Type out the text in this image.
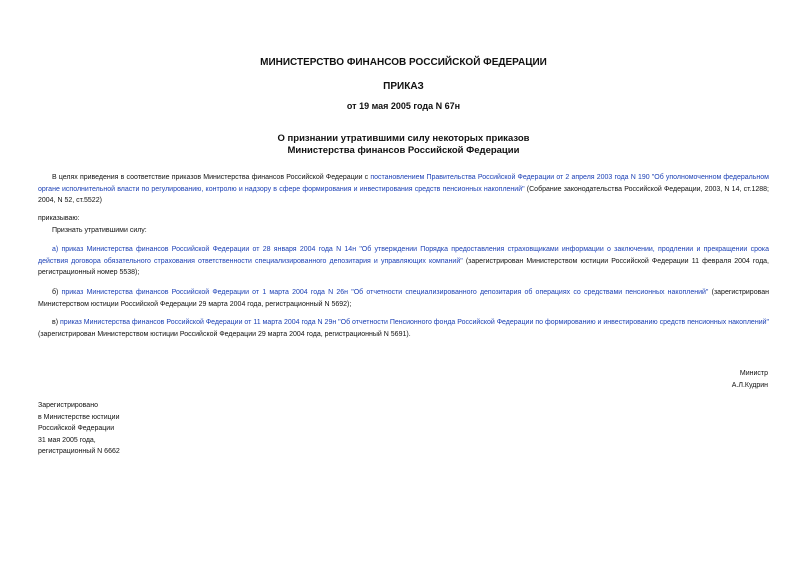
МИНИСТЕРСТВО ФИНАНСОВ РОССИЙСКОЙ ФЕДЕРАЦИИ
ПРИКАЗ
от 19 мая 2005 года N 67н
О признании утратившими силу некоторых приказов
Министерства финансов Российской Федерации

В целях приведения в соответствие приказов Министерства финансов Российской Федерации с постановлением Правительства Российской Федерации от 2 апреля 2003 года N 190 "Об уполномоченном федеральном органе исполнительной власти по регулированию, контролю и надзору в сфере формирования и инвестирования средств пенсионных накоплений" (Собрание законодательства Российской Федерации, 2003, N 14, ст.1288; 2004, N 52, ст.5522)

приказываю:

Признать утратившими силу:

а) приказ Министерства финансов Российской Федерации от 28 января 2004 года N 14н "Об утверждении Порядка предоставления страховщиками информации о заключении, продлении и прекращении срока действия договора обязательного страхования ответственности специализированного депозитария и управляющих компаний" (зарегистрирован Министерством юстиции Российской Федерации 11 февраля 2004 года, регистрационный номер 5538);

б) приказ Министерства финансов Российской Федерации от 1 марта 2004 года N 26н "Об отчетности специализированного депозитария об операциях со средствами пенсионных накоплений" (зарегистрирован Министерством юстиции Российской Федерации 29 марта 2004 года, регистрационный N 5692);

в) приказ Министерства финансов Российской Федерации от 11 марта 2004 года N 29н "Об отчетности Пенсионного фонда Российской Федерации по формированию и инвестированию средств пенсионных накоплений" (зарегистрирован Министерством юстиции Российской Федерации 29 марта 2004 года, регистрационный N 5691).

Министр
А.Л.Кудрин

Зарегистрировано

в Министерстве юстиции

Российской Федерации

31 мая 2005 года,

регистрационный N 6662
